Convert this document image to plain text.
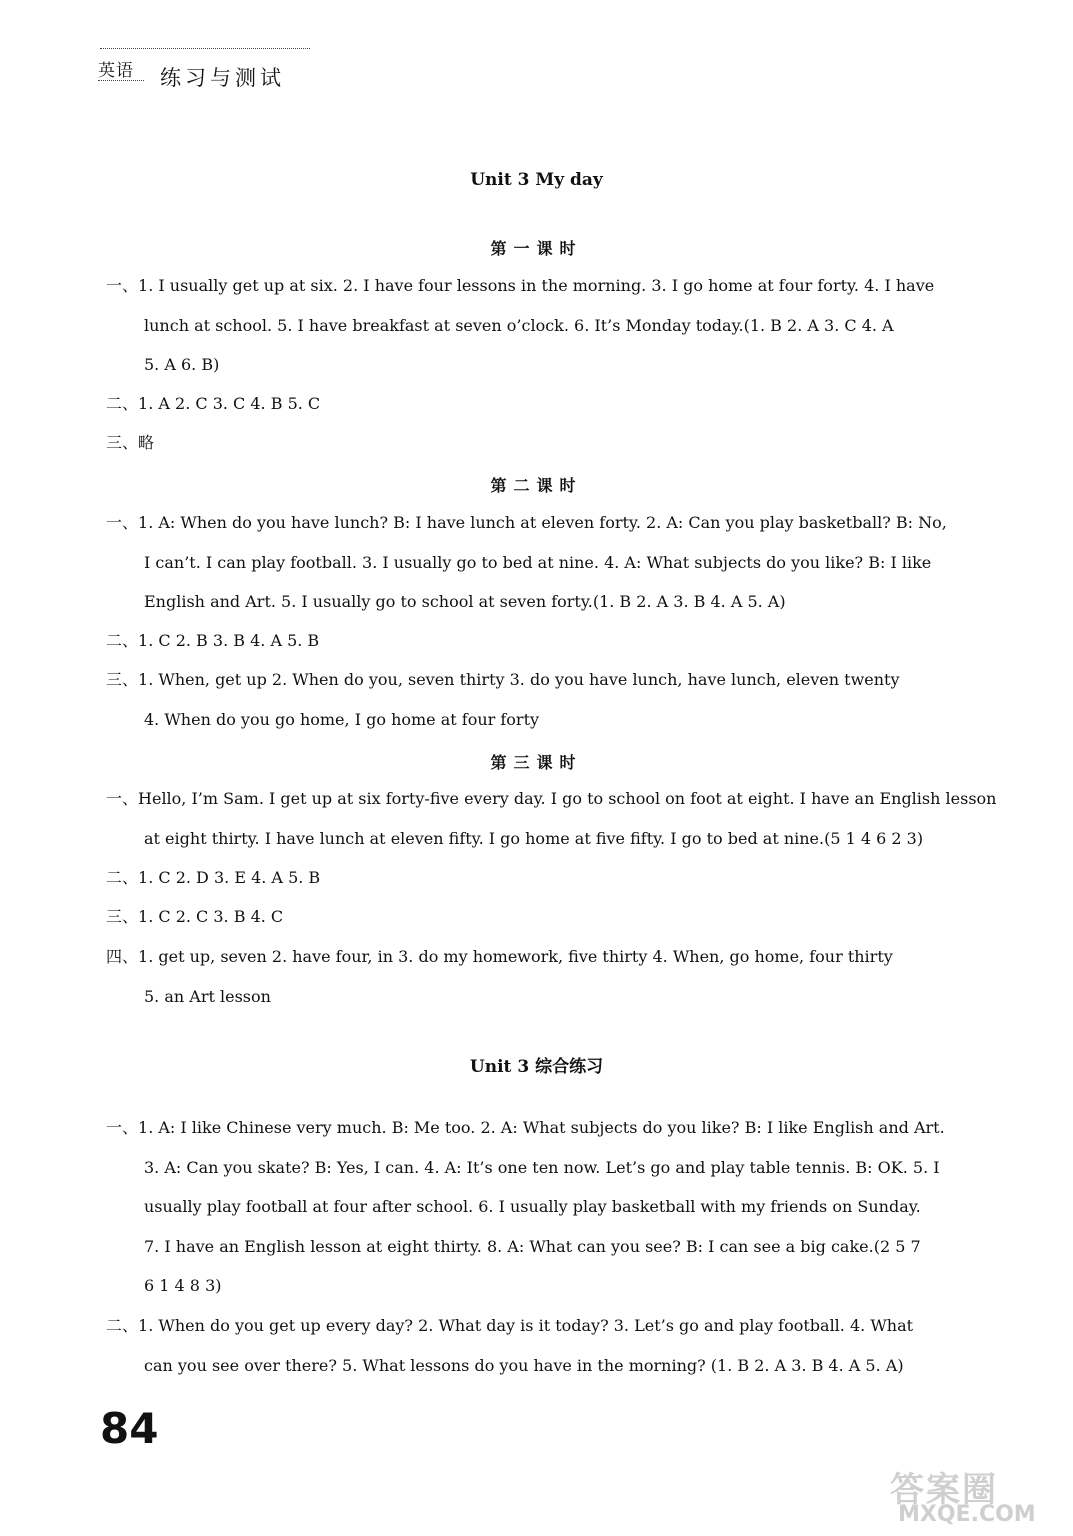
英语 练习与测试
Unit 3 My day
第一课时
一、1. I usually get up at six. 2. I have four lessons in the morning. 3. I go home at four forty. 4. I have
lunch at school. 5. I have breakfast at seven o’clock. 6. It’s Monday today.(1. B 2. A 3. C 4. A
5. A 6. B)
二、1. A 2. C 3. C 4. B 5. C
三、略
第二课时
一、1. A: When do you have lunch? B: I have lunch at eleven forty. 2. A: Can you play basketball? B: No,
I can’t. I can play football. 3. I usually go to bed at nine. 4. A: What subjects do you like? B: I like
English and Art. 5. I usually go to school at seven forty.(1. B 2. A 3. B 4. A 5. A)
二、1. C 2. B 3. B 4. A 5. B
三、1. When, get up 2. When do you, seven thirty 3. do you have lunch, have lunch, eleven twenty
4. When do you go home, I go home at four forty
第三课时
一、Hello, I’m Sam. I get up at six forty-five every day. I go to school on foot at eight. I have an English lesson
at eight thirty. I have lunch at eleven fifty. I go home at five fifty. I go to bed at nine.(5 1 4 6 2 3)
二、1. C 2. D 3. E 4. A 5. B
三、1. C 2. C 3. B 4. C
四、1. get up, seven 2. have four, in 3. do my homework, five thirty 4. When, go home, four thirty
5. an Art lesson
Unit 3 综合练习
一、1. A: I like Chinese very much. B: Me too. 2. A: What subjects do you like? B: I like English and Art.
3. A: Can you skate? B: Yes, I can. 4. A: It’s one ten now. Let’s go and play table tennis. B: OK. 5. I
usually play football at four after school. 6. I usually play basketball with my friends on Sunday.
7. I have an English lesson at eight thirty. 8. A: What can you see? B: I can see a big cake.(2 5 7
6 1 4 8 3)
二、1. When do you get up every day? 2. What day is it today? 3. Let’s go and play football. 4. What
can you see over there? 5. What lessons do you have in the morning? (1. B 2. A 3. B 4. A 5. A)
84
答案圈
MXQE.COM
